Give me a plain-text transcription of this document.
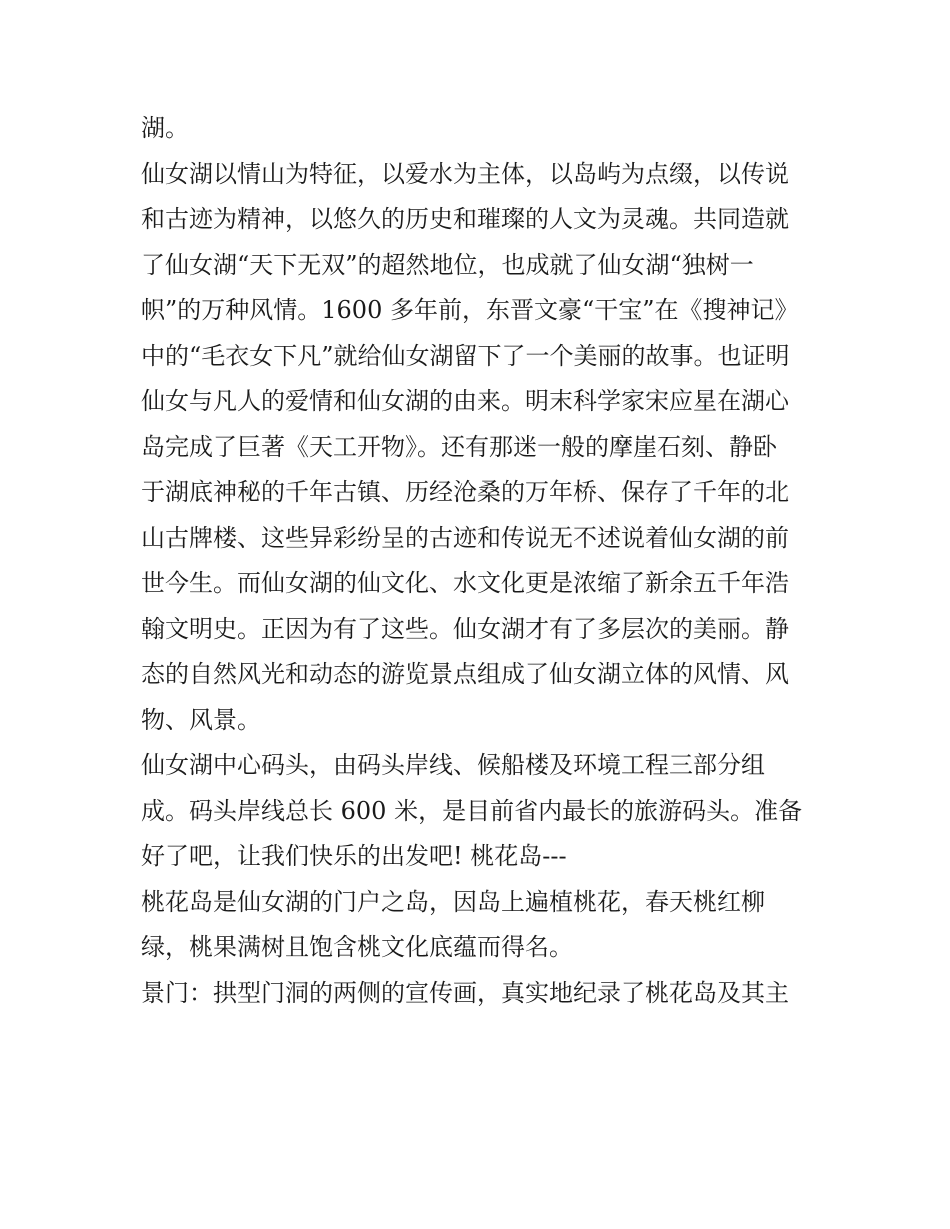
湖。
仙女湖以情山为特征，以爱水为主体，以岛屿为点缀，以传说
和古迹为精神，以悠久的历史和璀璨的人文为灵魂。共同造就
了仙女湖“天下无双”的超然地位，也成就了仙女湖“独树一
帜”的万种风情。1600 多年前，东晋文豪“干宝”在《搜神记》
中的“毛衣女下凡”就给仙女湖留下了一个美丽的故事。也证明
仙女与凡人的爱情和仙女湖的由来。明末科学家宋应星在湖心
岛完成了巨著《天工开物》。还有那迷一般的摩崖石刻、静卧
于湖底神秘的千年古镇、历经沧桑的万年桥、保存了千年的北
山古牌楼、这些异彩纷呈的古迹和传说无不述说着仙女湖的前
世今生。而仙女湖的仙文化、水文化更是浓缩了新余五千年浩
翰文明史。正因为有了这些。仙女湖才有了多层次的美丽。静
态的自然风光和动态的游览景点组成了仙女湖立体的风情、风
物、风景。
仙女湖中心码头，由码头岸线、候船楼及环境工程三部分组
成。码头岸线总长 600 米，是目前省内最长的旅游码头。准备
好了吧，让我们快乐的出发吧! 桃花岛---
桃花岛是仙女湖的门户之岛，因岛上遍植桃花，春天桃红柳
绿，桃果满树且饱含桃文化底蕴而得名。
景门：拱型门洞的两侧的宣传画，真实地纪录了桃花岛及其主
